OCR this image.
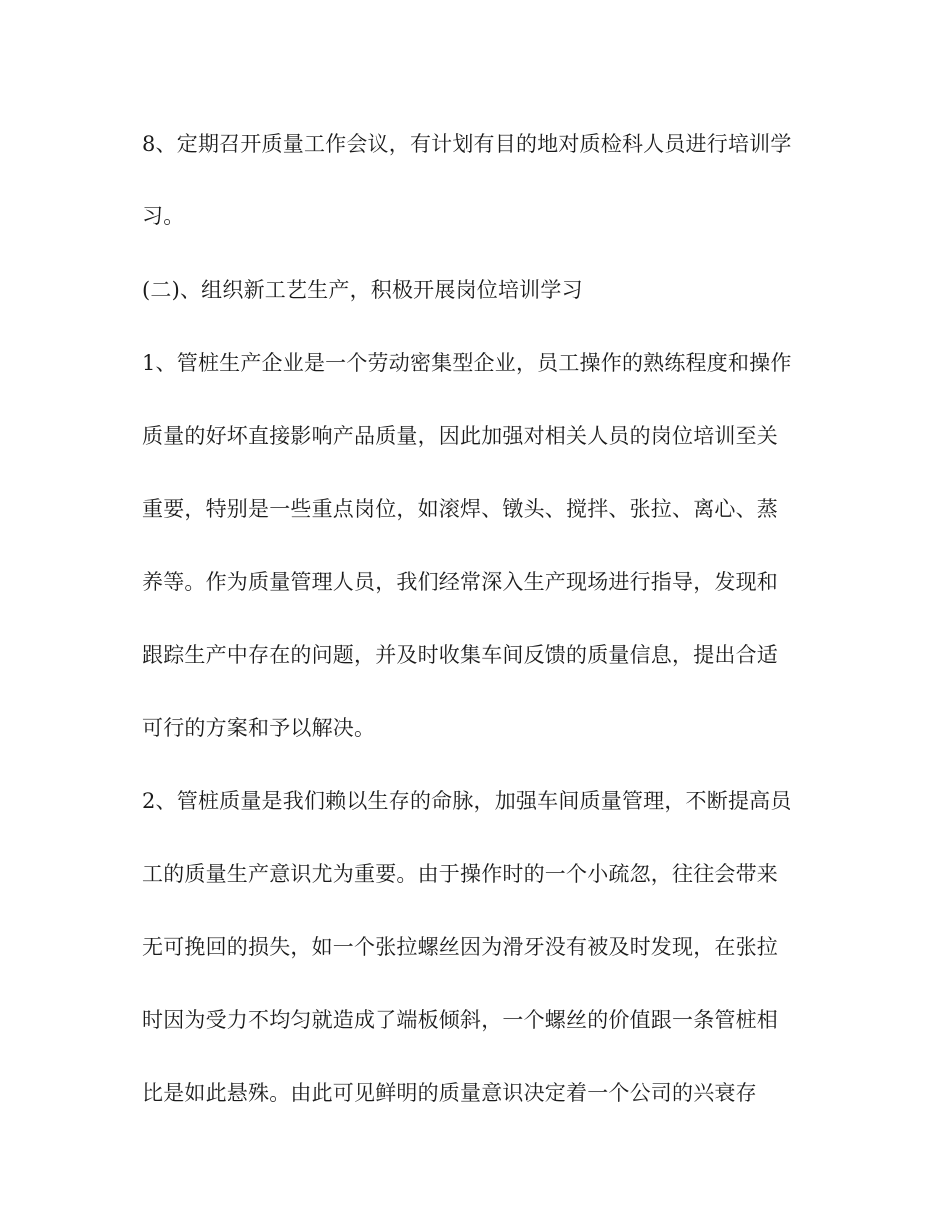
8、定期召开质量工作会议，有计划有目的地对质检科人员进行培训学
习。
(二)、组织新工艺生产，积极开展岗位培训学习
1、管桩生产企业是一个劳动密集型企业，员工操作的熟练程度和操作
质量的好坏直接影响产品质量，因此加强对相关人员的岗位培训至关
重要，特别是一些重点岗位，如滚焊、镦头、搅拌、张拉、离心、蒸
养等。作为质量管理人员，我们经常深入生产现场进行指导，发现和
跟踪生产中存在的问题，并及时收集车间反馈的质量信息，提出合适
可行的方案和予以解决。
2、管桩质量是我们赖以生存的命脉，加强车间质量管理，不断提高员
工的质量生产意识尤为重要。由于操作时的一个小疏忽，往往会带来
无可挽回的损失，如一个张拉螺丝因为滑牙没有被及时发现，在张拉
时因为受力不均匀就造成了端板倾斜，一个螺丝的价值跟一条管桩相
比是如此悬殊。由此可见鲜明的质量意识决定着一个公司的兴衰存
